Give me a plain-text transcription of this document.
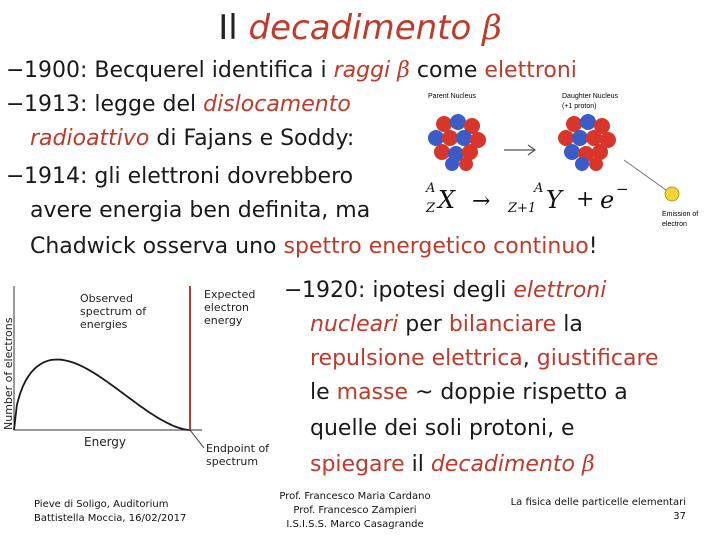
Il decadimento β
−1900: Becquerel identifica i raggi β come elettroni
−1913: legge del dislocamento
radioattivo di Fajans e Soddy:
−1914: gli elettroni dovrebbero
avere energia ben definita, ma
Chadwick osserva uno spettro energetico continuo!
Parent Nucleus	Daughter Nucleus
(+1 proton)
Emission of
electron
A
Z X →
A
Z+1 Y + e −
Number of electrons
Observed
spectrum of
energies
Expected
electron
energy
Energy	Endpoint of
spectrum
−1920: ipotesi degli elettroni
nucleari per bilanciare la
repulsione elettrica, giustificare
le masse ~ doppie rispetto a
quelle dei soli protoni, e
spiegare il decadimento β
Pieve di Soligo, Auditorium
Battistella Moccia, 16/02/2017
Prof. Francesco Maria Cardano
Prof. Francesco Zampieri
I.S.I.S.S. Marco Casagrande
La fisica delle particelle elementari
37
